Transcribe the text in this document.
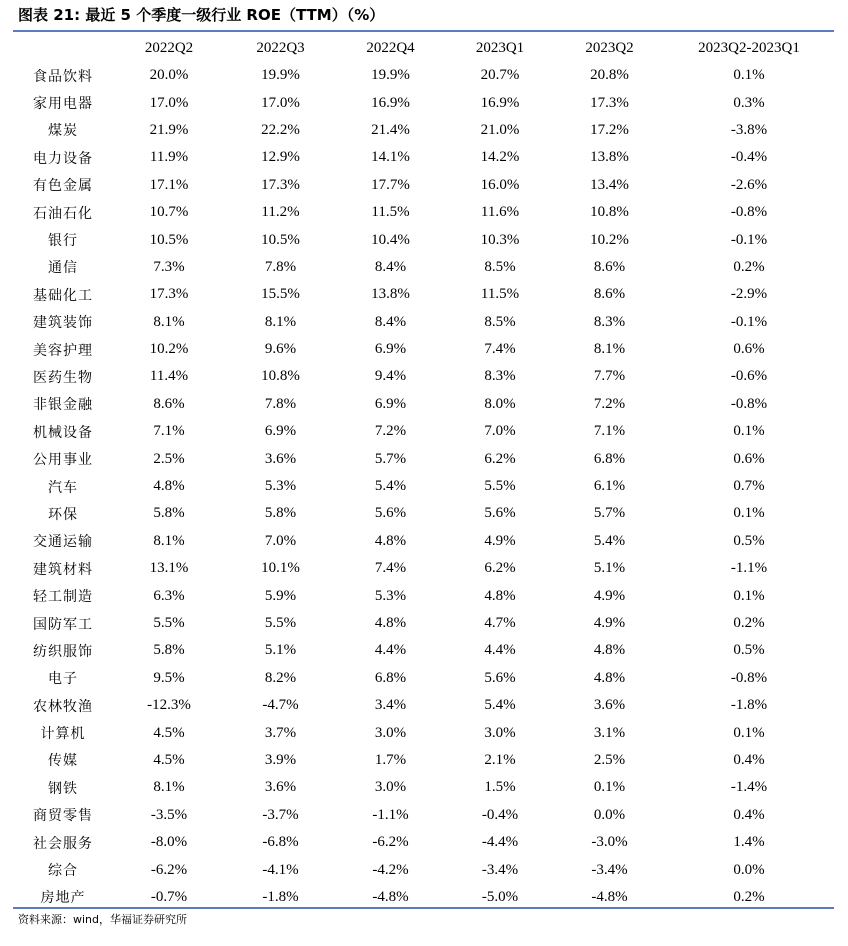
图表 21: 最近 5 个季度一级行业 ROE（TTM）（%）
	2022Q2	2022Q3	2022Q4	2023Q1	2023Q2	2023Q2-2023Q1
食品饮料	20.0%	19.9%	19.9%	20.7%	20.8%	0.1%
家用电器	17.0%	17.0%	16.9%	16.9%	17.3%	0.3%
煤炭	21.9%	22.2%	21.4%	21.0%	17.2%	-3.8%
电力设备	11.9%	12.9%	14.1%	14.2%	13.8%	-0.4%
有色金属	17.1%	17.3%	17.7%	16.0%	13.4%	-2.6%
石油石化	10.7%	11.2%	11.5%	11.6%	10.8%	-0.8%
银行	10.5%	10.5%	10.4%	10.3%	10.2%	-0.1%
通信	7.3%	7.8%	8.4%	8.5%	8.6%	0.2%
基础化工	17.3%	15.5%	13.8%	11.5%	8.6%	-2.9%
建筑装饰	8.1%	8.1%	8.4%	8.5%	8.3%	-0.1%
美容护理	10.2%	9.6%	6.9%	7.4%	8.1%	0.6%
医药生物	11.4%	10.8%	9.4%	8.3%	7.7%	-0.6%
非银金融	8.6%	7.8%	6.9%	8.0%	7.2%	-0.8%
机械设备	7.1%	6.9%	7.2%	7.0%	7.1%	0.1%
公用事业	2.5%	3.6%	5.7%	6.2%	6.8%	0.6%
汽车	4.8%	5.3%	5.4%	5.5%	6.1%	0.7%
环保	5.8%	5.8%	5.6%	5.6%	5.7%	0.1%
交通运输	8.1%	7.0%	4.8%	4.9%	5.4%	0.5%
建筑材料	13.1%	10.1%	7.4%	6.2%	5.1%	-1.1%
轻工制造	6.3%	5.9%	5.3%	4.8%	4.9%	0.1%
国防军工	5.5%	5.5%	4.8%	4.7%	4.9%	0.2%
纺织服饰	5.8%	5.1%	4.4%	4.4%	4.8%	0.5%
电子	9.5%	8.2%	6.8%	5.6%	4.8%	-0.8%
农林牧渔	-12.3%	-4.7%	3.4%	5.4%	3.6%	-1.8%
计算机	4.5%	3.7%	3.0%	3.0%	3.1%	0.1%
传媒	4.5%	3.9%	1.7%	2.1%	2.5%	0.4%
钢铁	8.1%	3.6%	3.0%	1.5%	0.1%	-1.4%
商贸零售	-3.5%	-3.7%	-1.1%	-0.4%	0.0%	0.4%
社会服务	-8.0%	-6.8%	-6.2%	-4.4%	-3.0%	1.4%
综合	-6.2%	-4.1%	-4.2%	-3.4%	-3.4%	0.0%
房地产	-0.7%	-1.8%	-4.8%	-5.0%	-4.8%	0.2%
资料来源：wind，华福证券研究所
